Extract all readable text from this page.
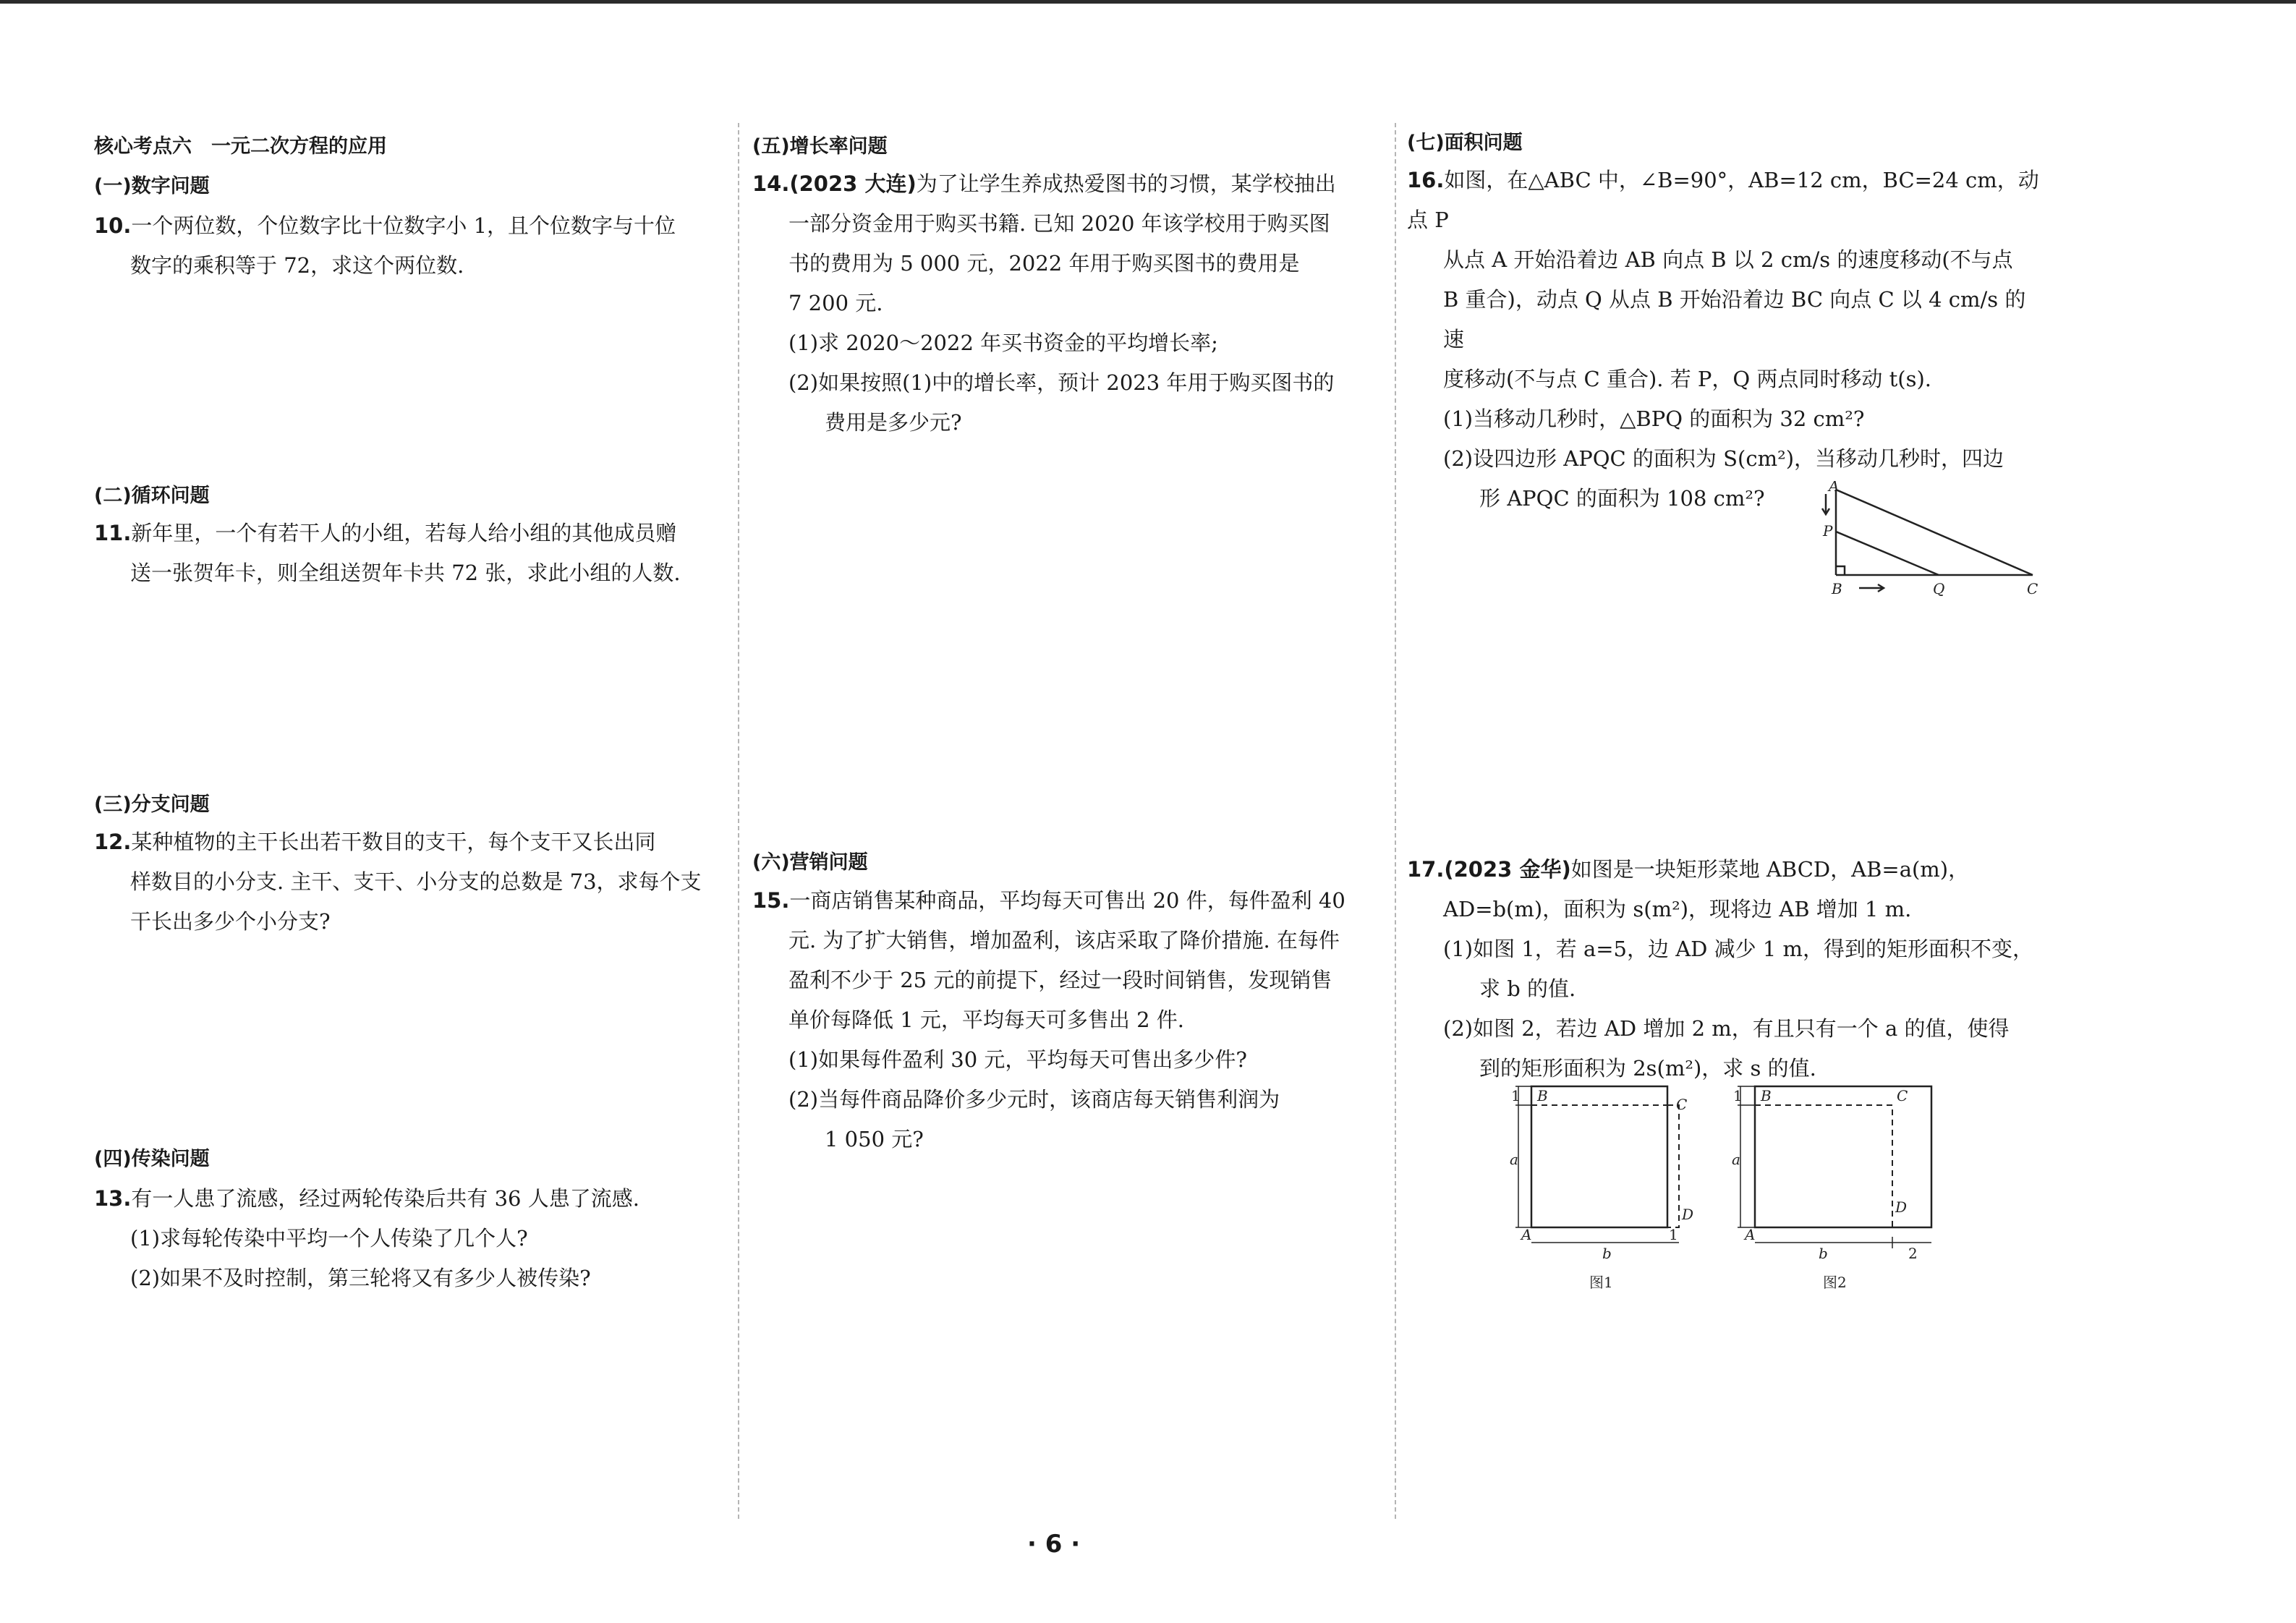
核心考点六　一元二次方程的应用
(一)数字问题

10.一个两位数，个位数字比十位数字小 1，且个位数字与十位

数字的乘积等于 72，求这个两位数.

(二)循环问题

11.新年里，一个有若干人的小组，若每人给小组的其他成员赠

送一张贺年卡，则全组送贺年卡共 72 张，求此小组的人数.

(三)分支问题

12.某种植物的主干长出若干数目的支干，每个支干又长出同

样数目的小分支. 主干、支干、小分支的总数是 73，求每个支

干长出多少个小分支?

(四)传染问题

13.有一人患了流感，经过两轮传染后共有 36 人患了流感.

(1)求每轮传染中平均一个人传染了几个人?

(2)如果不及时控制，第三轮将又有多少人被传染?

(五)增长率问题

14.(2023 大连)为了让学生养成热爱图书的习惯，某学校抽出

一部分资金用于购买书籍. 已知 2020 年该学校用于购买图

书的费用为 5 000 元，2022 年用于购买图书的费用是

7 200 元.

(1)求 2020～2022 年买书资金的平均增长率;

(2)如果按照(1)中的增长率，预计 2023 年用于购买图书的

费用是多少元?

(六)营销问题

15.一商店销售某种商品，平均每天可售出 20 件，每件盈利 40

元. 为了扩大销售，增加盈利，该店采取了降价措施. 在每件

盈利不少于 25 元的前提下，经过一段时间销售，发现销售

单价每降低 1 元，平均每天可多售出 2 件.

(1)如果每件盈利 30 元，平均每天可售出多少件?

(2)当每件商品降价多少元时，该商店每天销售利润为

1 050 元?

(七)面积问题

16.如图，在△ABC 中，∠B=90°，AB=12 cm，BC=24 cm，动点 P

从点 A 开始沿着边 AB 向点 B 以 2 cm/s 的速度移动(不与点

B 重合)，动点 Q 从点 B 开始沿着边 BC 向点 C 以 4 cm/s 的速

度移动(不与点 C 重合). 若 P，Q 两点同时移动 t(s).

(1)当移动几秒时，△BPQ 的面积为 32 cm²?

(2)设四边形 APQC 的面积为 S(cm²)，当移动几秒时，四边

形 APQC 的面积为 108 cm²?

17.(2023 金华)如图是一块矩形菜地 ABCD，AB=a(m)，

AD=b(m)，面积为 s(m²)，现将边 AB 增加 1 m.

(1)如图 1，若 a=5，边 AD 减少 1 m，得到的矩形面积不变，

求 b 的值.

(2)如图 2，若边 AD 增加 2 m，有且只有一个 a 的值，使得

到的矩形面积为 2s(m²)，求 s 的值.

A
P
B	Q	C
1
a
B	C
D
A	1
b
图1
1
a
B	C
D
A
b	2
图2
· 6 ·
